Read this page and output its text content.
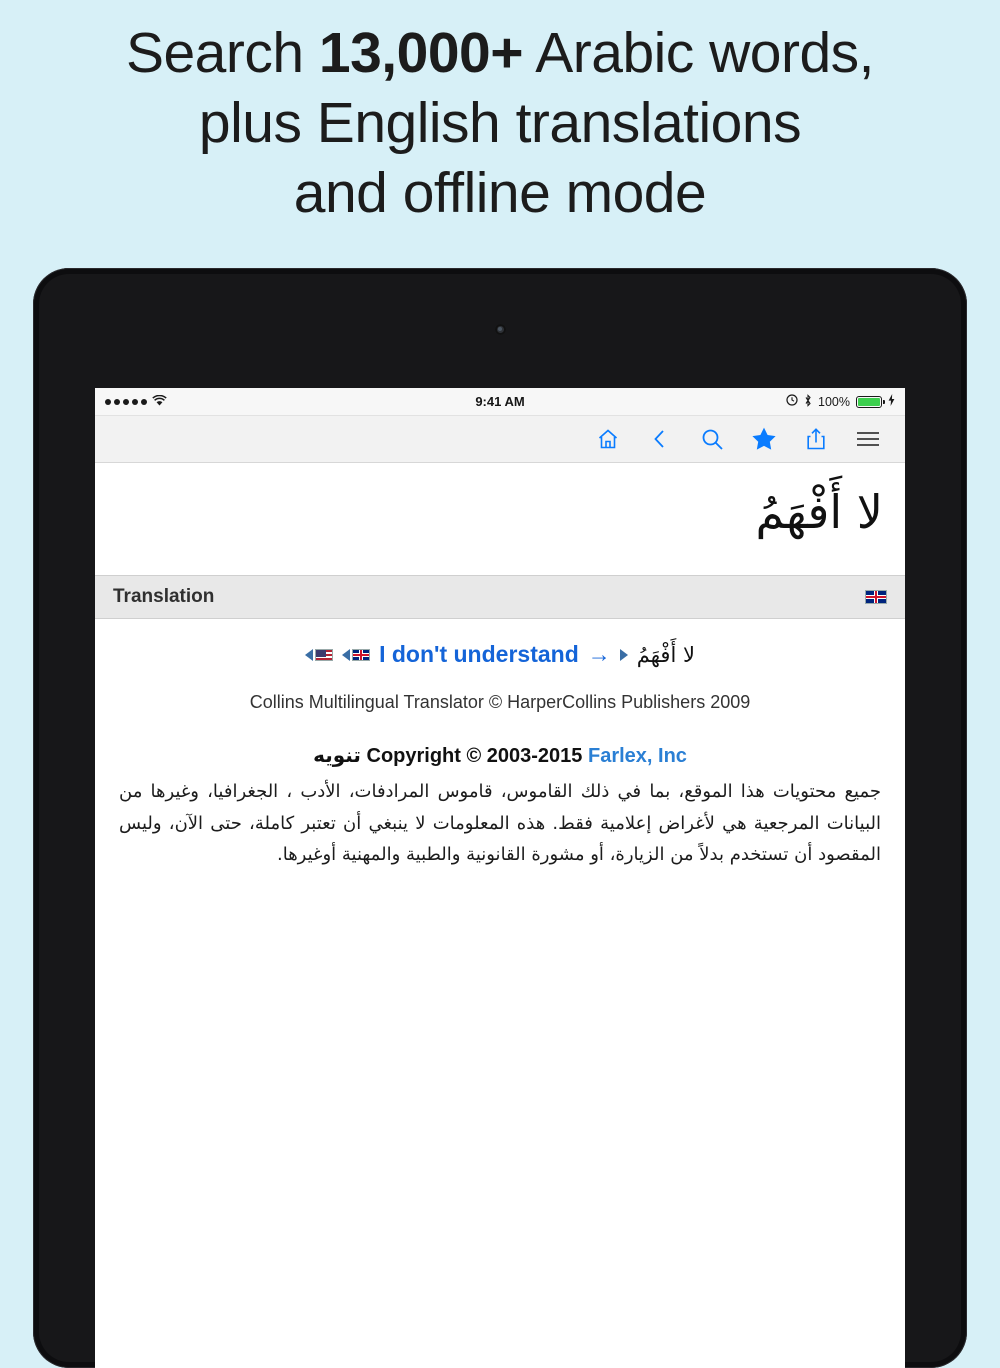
Search 13,000+ Arabic words,
plus English translations
and offline mode
9:41 AM	100%
لا أَفْهَمُ
Translation
I don't understand → لا أَفْهَمُ
Collins Multilingual Translator © HarperCollins Publishers 2009
تنويه Copyright © 2003-2015 Farlex, Inc
جميع محتويات هذا الموقع، بما في ذلك القاموس، قاموس المرادفات، الأدب ، الجغرافيا، وغيرها من البيانات المرجعية هي لأغراض إعلامية فقط. هذه المعلومات لا ينبغي أن تعتبر كاملة، حتى الآن، وليس المقصود أن تستخدم بدلاً من الزيارة، أو مشورة القانونية والطبية والمهنية أوغيرها.
